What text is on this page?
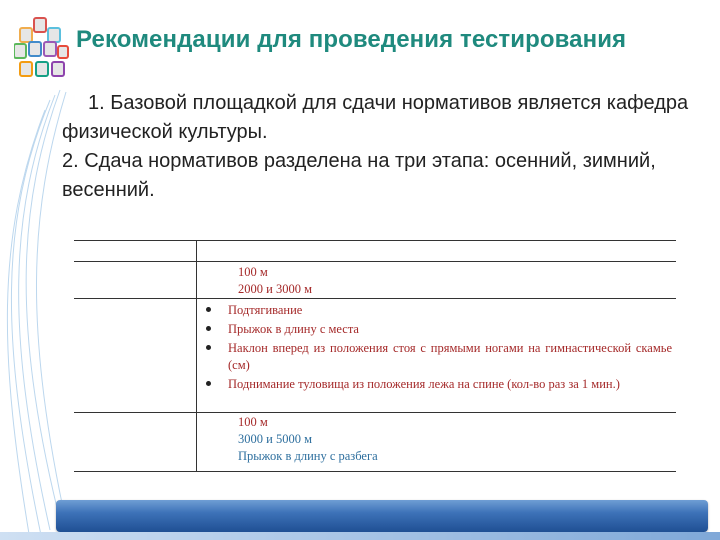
Рекомендации для проведения тестирования
1. Базовой площадкой для сдачи нормативов является кафедра физической культуры.
2. Сдача нормативов разделена на три этапа: осенний, зимний, весенний.
100 м
2000 и 3000 м
Подтягивание
Прыжок в длину с места
Наклон вперед из положения стоя с прямыми ногами на гимнастической скамье (см)
Поднимание туловища из положения лежа на спине (кол-во раз за 1 мин.)
100 м
3000 и 5000 м
Прыжок в длину с разбега
